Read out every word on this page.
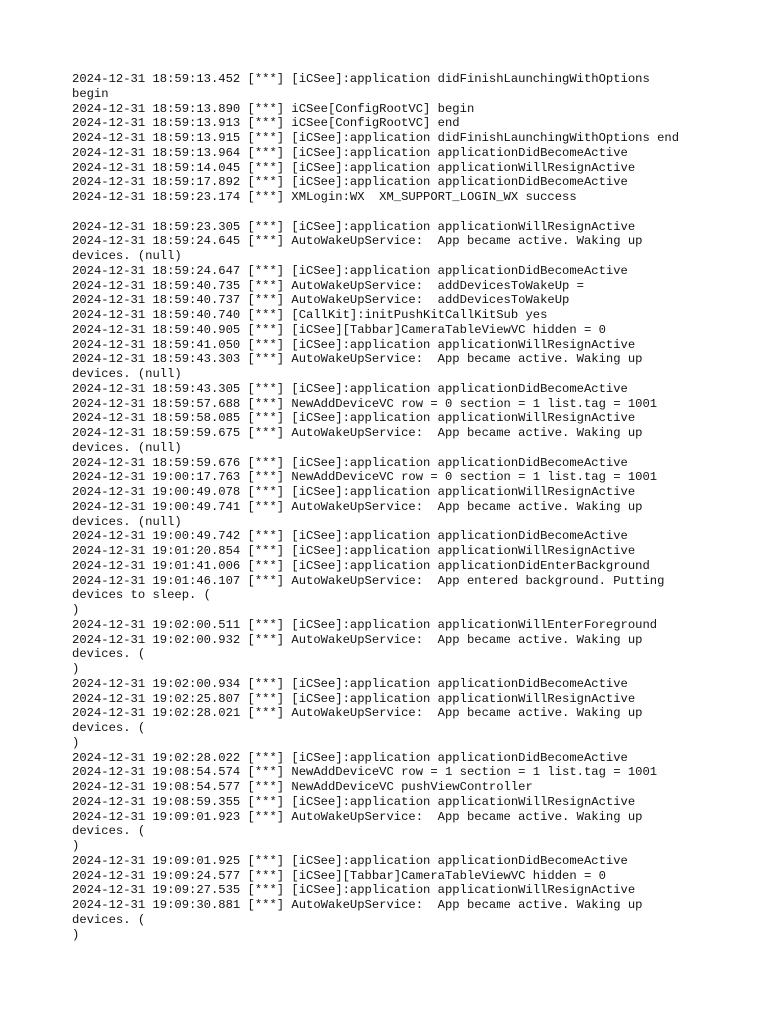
2024-12-31 18:59:13.452 [***] [iCSee]:application didFinishLaunchingWithOptions
begin
2024-12-31 18:59:13.890 [***] iCSee[ConfigRootVC] begin
2024-12-31 18:59:13.913 [***] iCSee[ConfigRootVC] end
2024-12-31 18:59:13.915 [***] [iCSee]:application didFinishLaunchingWithOptions end
2024-12-31 18:59:13.964 [***] [iCSee]:application applicationDidBecomeActive
2024-12-31 18:59:14.045 [***] [iCSee]:application applicationWillResignActive
2024-12-31 18:59:17.892 [***] [iCSee]:application applicationDidBecomeActive
2024-12-31 18:59:23.174 [***] XMLogin:WX  XM_SUPPORT_LOGIN_WX success
2024-12-31 18:59:23.305 [***] [iCSee]:application applicationWillResignActive
2024-12-31 18:59:24.645 [***] AutoWakeUpService:  App became active. Waking up
devices. (null)
2024-12-31 18:59:24.647 [***] [iCSee]:application applicationDidBecomeActive
2024-12-31 18:59:40.735 [***] AutoWakeUpService:  addDevicesToWakeUp =
2024-12-31 18:59:40.737 [***] AutoWakeUpService:  addDevicesToWakeUp
2024-12-31 18:59:40.740 [***] [CallKit]:initPushKitCallKitSub yes
2024-12-31 18:59:40.905 [***] [iCSee][Tabbar]CameraTableViewVC hidden = 0
2024-12-31 18:59:41.050 [***] [iCSee]:application applicationWillResignActive
2024-12-31 18:59:43.303 [***] AutoWakeUpService:  App became active. Waking up
devices. (null)
2024-12-31 18:59:43.305 [***] [iCSee]:application applicationDidBecomeActive
2024-12-31 18:59:57.688 [***] NewAddDeviceVC row = 0 section = 1 list.tag = 1001
2024-12-31 18:59:58.085 [***] [iCSee]:application applicationWillResignActive
2024-12-31 18:59:59.675 [***] AutoWakeUpService:  App became active. Waking up
devices. (null)
2024-12-31 18:59:59.676 [***] [iCSee]:application applicationDidBecomeActive
2024-12-31 19:00:17.763 [***] NewAddDeviceVC row = 0 section = 1 list.tag = 1001
2024-12-31 19:00:49.078 [***] [iCSee]:application applicationWillResignActive
2024-12-31 19:00:49.741 [***] AutoWakeUpService:  App became active. Waking up
devices. (null)
2024-12-31 19:00:49.742 [***] [iCSee]:application applicationDidBecomeActive
2024-12-31 19:01:20.854 [***] [iCSee]:application applicationWillResignActive
2024-12-31 19:01:41.006 [***] [iCSee]:application applicationDidEnterBackground
2024-12-31 19:01:46.107 [***] AutoWakeUpService:  App entered background. Putting
devices to sleep. (
)
2024-12-31 19:02:00.511 [***] [iCSee]:application applicationWillEnterForeground
2024-12-31 19:02:00.932 [***] AutoWakeUpService:  App became active. Waking up
devices. (
)
2024-12-31 19:02:00.934 [***] [iCSee]:application applicationDidBecomeActive
2024-12-31 19:02:25.807 [***] [iCSee]:application applicationWillResignActive
2024-12-31 19:02:28.021 [***] AutoWakeUpService:  App became active. Waking up
devices. (
)
2024-12-31 19:02:28.022 [***] [iCSee]:application applicationDidBecomeActive
2024-12-31 19:08:54.574 [***] NewAddDeviceVC row = 1 section = 1 list.tag = 1001
2024-12-31 19:08:54.577 [***] NewAddDeviceVC pushViewController
2024-12-31 19:08:59.355 [***] [iCSee]:application applicationWillResignActive
2024-12-31 19:09:01.923 [***] AutoWakeUpService:  App became active. Waking up
devices. (
)
2024-12-31 19:09:01.925 [***] [iCSee]:application applicationDidBecomeActive
2024-12-31 19:09:24.577 [***] [iCSee][Tabbar]CameraTableViewVC hidden = 0
2024-12-31 19:09:27.535 [***] [iCSee]:application applicationWillResignActive
2024-12-31 19:09:30.881 [***] AutoWakeUpService:  App became active. Waking up
devices. (
)
